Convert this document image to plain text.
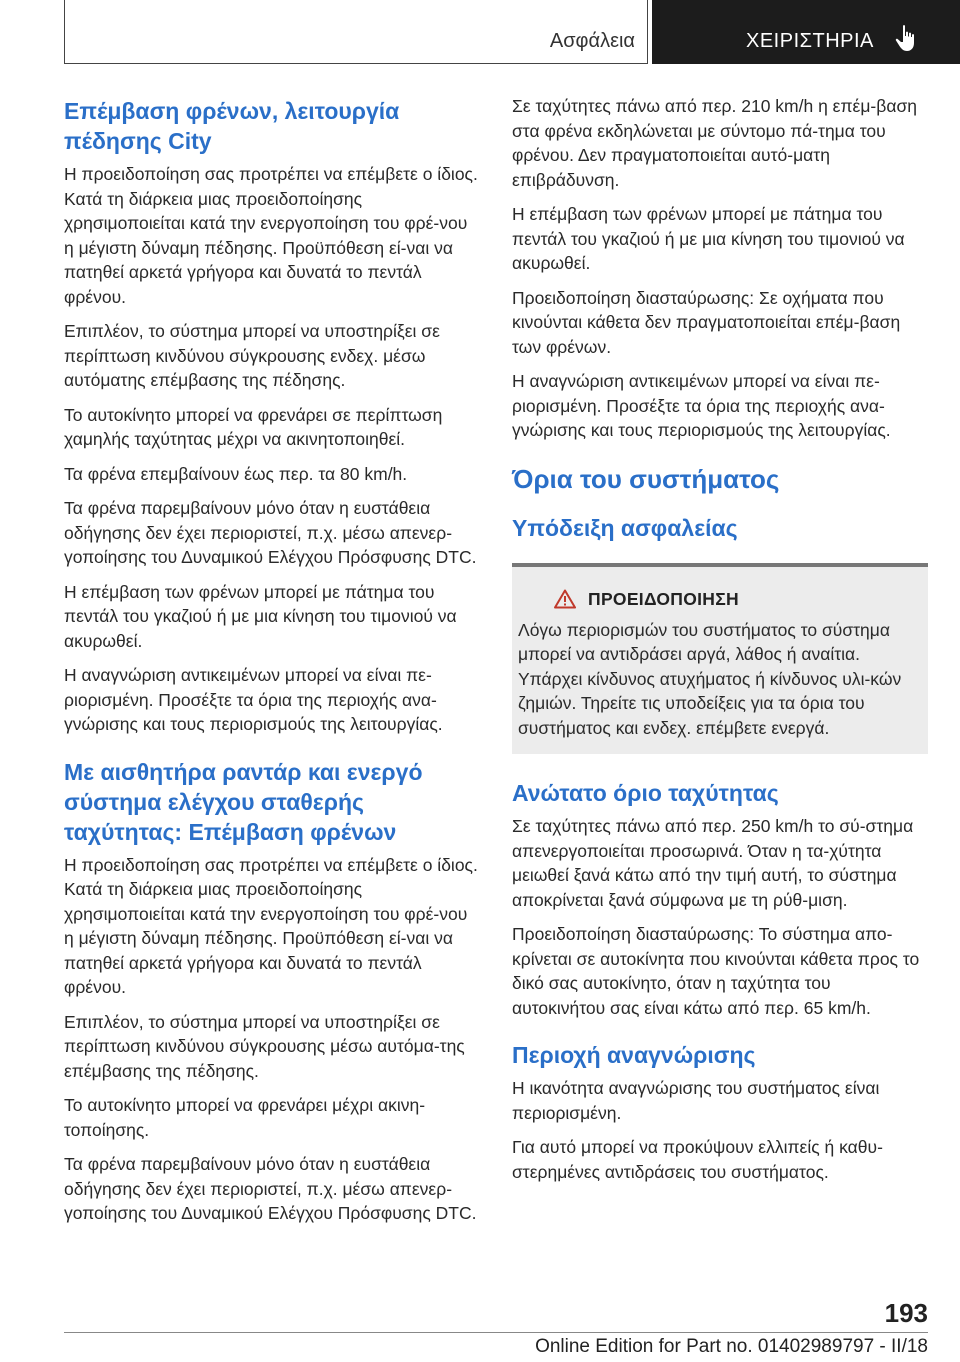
Ασφάλεια	ΧΕΙΡΙΣΤΗΡΙΑ
Επέμβαση φρένων, λειτουργία πέδησης City

Η προειδοποίηση σας προτρέπει να επέμβετε ο ίδιος. Κατά τη διάρκεια μιας προειδοποίησης χρησιμοποιείται κατά την ενεργοποίηση του φρέ‐νου η μέγιστη δύναμη πέδησης. Προϋπόθεση εί‐ναι να πατηθεί αρκετά γρήγορα και δυνατά το πεντάλ φρένου.

Επιπλέον, το σύστημα μπορεί να υποστηρίξει σε περίπτωση κινδύνου σύγκρουσης ενδεχ. μέσω αυτόματης επέμβασης της πέδησης.

Το αυτοκίνητο μπορεί να φρενάρει σε περίπτωση χαμηλής ταχύτητας μέχρι να ακινητοποιηθεί.

Τα φρένα επεμβαίνουν έως περ. τα 80 km/h.

Τα φρένα παρεμβαίνουν μόνο όταν η ευστάθεια οδήγησης δεν έχει περιοριστεί, π.χ. μέσω απενερ‐γοποίησης του Δυναμικού Ελέγχου Πρόσφυσης DTC.

Η επέμβαση των φρένων μπορεί με πάτημα του πεντάλ του γκαζιού ή με μια κίνηση του τιμονιού να ακυρωθεί.

Η αναγνώριση αντικειμένων μπορεί να είναι πε‐ριορισμένη. Προσέξτε τα όρια της περιοχής ανα‐γνώρισης και τους περιορισμούς της λειτουργίας.

Με αισθητήρα ραντάρ και ενεργό σύστημα ελέγχου σταθερής ταχύτητας: Επέμβαση φρένων

Η προειδοποίηση σας προτρέπει να επέμβετε ο ίδιος. Κατά τη διάρκεια μιας προειδοποίησης χρησιμοποιείται κατά την ενεργοποίηση του φρέ‐νου η μέγιστη δύναμη πέδησης. Προϋπόθεση εί‐ναι να πατηθεί αρκετά γρήγορα και δυνατά το πεντάλ φρένου.

Επιπλέον, το σύστημα μπορεί να υποστηρίξει σε περίπτωση κινδύνου σύγκρουσης μέσω αυτόμα‐της επέμβασης της πέδησης.

Το αυτοκίνητο μπορεί να φρενάρει μέχρι ακινη‐τοποίησης.

Τα φρένα παρεμβαίνουν μόνο όταν η ευστάθεια οδήγησης δεν έχει περιοριστεί, π.χ. μέσω απενερ‐γοποίησης του Δυναμικού Ελέγχου Πρόσφυσης DTC.

Σε ταχύτητες πάνω από περ. 210 km/h η επέμ‐βαση στα φρένα εκδηλώνεται με σύντομο πά‐τημα του φρένου. Δεν πραγματοποιείται αυτό‐ματη επιβράδυνση.

Η επέμβαση των φρένων μπορεί με πάτημα του πεντάλ του γκαζιού ή με μια κίνηση του τιμονιού να ακυρωθεί.

Προειδοποίηση διασταύρωσης: Σε οχήματα που κινούνται κάθετα δεν πραγματοποιείται επέμ‐βαση των φρένων.

Η αναγνώριση αντικειμένων μπορεί να είναι πε‐ριορισμένη. Προσέξτε τα όρια της περιοχής ανα‐γνώρισης και τους περιορισμούς της λειτουργίας.

Όρια του συστήματος
Υπόδειξη ασφαλείας
ΠΡΟΕΙΔΟΠΟΙΗΣΗ

Λόγω περιορισμών του συστήματος το σύστημα μπορεί να αντιδράσει αργά, λάθος ή αναίτια. Υπάρχει κίνδυνος ατυχήματος ή κίνδυνος υλι‐κών ζημιών. Τηρείτε τις υποδείξεις για τα όρια του συστήματος και ενδεχ. επέμβετε ενεργά.

Ανώτατο όριο ταχύτητας

Σε ταχύτητες πάνω από περ. 250 km/h το σύ‐στημα απενεργοποιείται προσωρινά. Όταν η τα‐χύτητα μειωθεί ξανά κάτω από την τιμή αυτή, το σύστημα αποκρίνεται ξανά σύμφωνα με τη ρύθ‐μιση.

Προειδοποίηση διασταύρωσης: Το σύστημα απο‐κρίνεται σε αυτοκίνητα που κινούνται κάθετα προς το δικό σας αυτοκίνητο, όταν η ταχύτητα του αυτοκινήτου σας είναι κάτω από περ. 65 km/h.

Περιοχή αναγνώρισης

Η ικανότητα αναγνώρισης του συστήματος είναι περιορισμένη.

Για αυτό μπορεί να προκύψουν ελλιπείς ή καθυ‐στερημένες αντιδράσεις του συστήματος.

193
Online Edition for Part no. 01402989797 - II/18
